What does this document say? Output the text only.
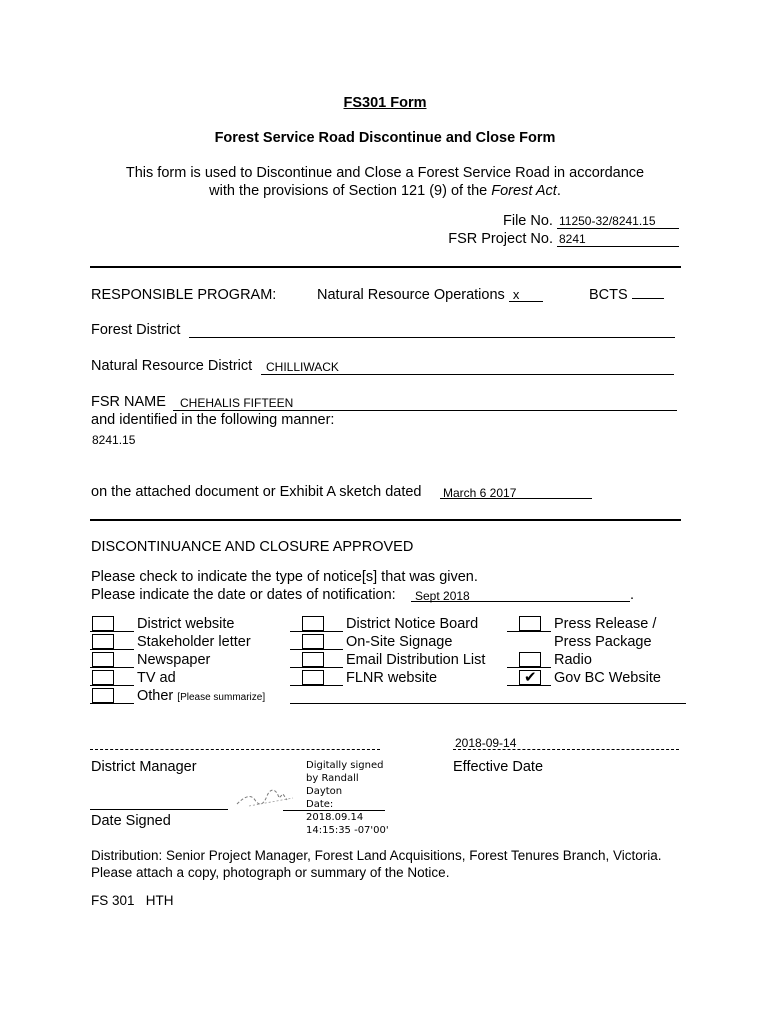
FS301 Form
Forest Service Road Discontinue and Close Form
This form is used to Discontinue and Close a Forest Service Road in accordance
with the provisions of Section 121 (9) of the Forest Act.
File No. 11250-32/8241.15
FSR Project No. 8241
RESPONSIBLE PROGRAM:	Natural Resource Operations x	BCTS
Forest District
Natural Resource District CHILLIWACK
FSR NAME CHEHALIS FIFTEEN
and identified in the following manner:
8241.15
on the attached document or Exhibit A sketch dated March 6 2017
DISCONTINUANCE AND CLOSURE APPROVED
Please check to indicate the type of notice[s] that was given.
Please indicate the date or dates of notification: Sept 2018	.
District website
Stakeholder letter
Newspaper
TV ad
Other [Please summarize]
District Notice Board
On-Site Signage
Email Distribution List
FLNR website
Press Release /
Press Package
Radio
✔ Gov BC Website
District Manager
2018-09-14
Effective Date
Digitally signed
by Randall
Dayton
Date:
2018.09.14
14:15:35 -07'00'
Date Signed
Distribution: Senior Project Manager, Forest Land Acquisitions, Forest Tenures Branch, Victoria.
Please attach a copy, photograph or summary of the Notice.
FS 301   HTH
